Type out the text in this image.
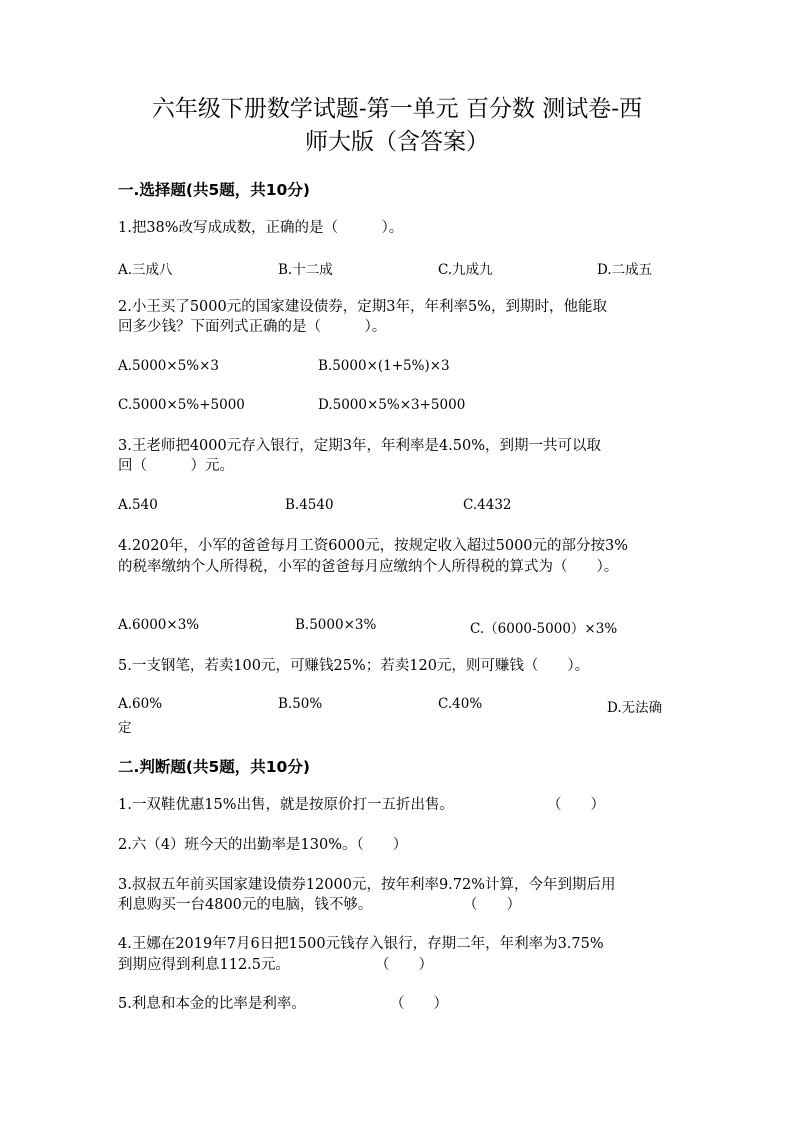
六年级下册数学试题-第一单元 百分数 测试卷-西
师大版（含答案）
一.选择题(共5题，共10分)
1.把38%改写成成数，正确的是（　　　）。
A.三成八	B.十二成	C.九成九	D.二成五
2.小王买了5000元的国家建设债券，定期3年，年利率5%，到期时，他能取
回多少钱？下面列式正确的是（　　　）。
A.5000×5%×3	B.5000×(1+5%)×3
C.5000×5%+5000	D.5000×5%×3+5000
3.王老师把4000元存入银行，定期3年，年利率是4.50%，到期一共可以取
回（　　　）元。
A.540	B.4540	C.4432
4.2020年，小军的爸爸每月工资6000元，按规定收入超过5000元的部分按3%
的税率缴纳个人所得税，小军的爸爸每月应缴纳个人所得税的算式为（　　）。
A.6000×3%	B.5000×3%	C.（6000-5000）×3%
5.一支钢笔，若卖100元，可赚钱25%；若卖120元，则可赚钱（　　）。
A.60%	B.50%	C.40%	D.无法确
定
二.判断题(共5题，共10分)
1.一双鞋优惠15%出售，就是按原价打一五折出售。	（　　）
2.六（4）班今天的出勤率是130%。（　　）
3.叔叔五年前买国家建设债券12000元，按年利率9.72%计算，今年到期后用
利息购买一台4800元的电脑，钱不够。	（　　）
4.王娜在2019年7月6日把1500元钱存入银行，存期二年，年利率为3.75%
到期应得到利息112.5元。	（　　）
5.利息和本金的比率是利率。	（　　）
